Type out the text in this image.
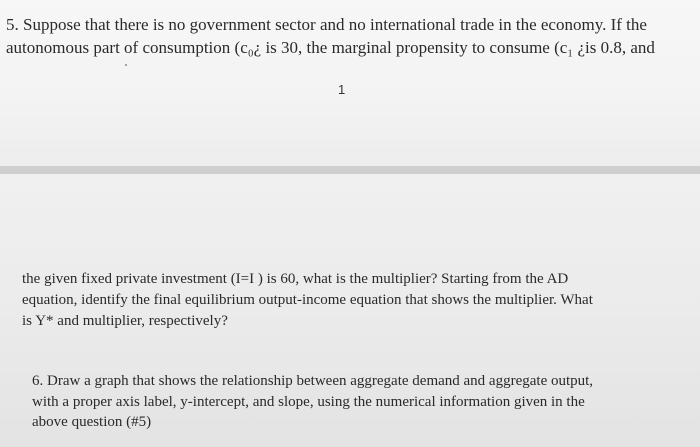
5. Suppose that there is no government sector and no international trade in the economy. If the
autonomous part of consumption (c₀¿ is 30, the marginal propensity to consume (c₁ ¿is 0.8, and
1
the given fixed private investment (I=I ) is 60, what is the multiplier? Starting from the AD
equation, identify the final equilibrium output-income equation that shows the multiplier. What
is Y* and multiplier, respectively?
6. Draw a graph that shows the relationship between aggregate demand and aggregate output,
with a proper axis label, y-intercept, and slope, using the numerical information given in the
above question (#5)
